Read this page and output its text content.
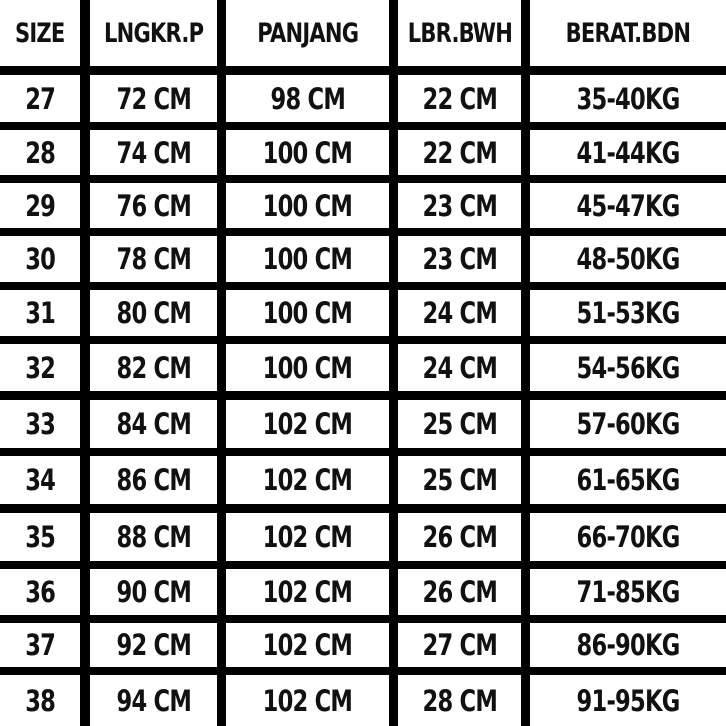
SIZE LNGKR.P PANJANG LBR.BWH BERAT.BDN
27 72 CM	98 CM	22 CM	35-40KG
28 74 CM 100 CM 22 CM	41-44KG
29 76 CM 100 CM 23 CM	45-47KG
30 78 CM 100 CM 23 CM	48-50KG
31 80 CM 100 CM 24 CM	51-53KG
32 82 CM 100 CM 24 CM	54-56KG
33 84 CM 102 CM 25 CM	57-60KG
34 86 CM 102 CM 25 CM	61-65KG
35 88 CM 102 CM 26 CM	66-70KG
36 90 CM 102 CM 26 CM	71-85KG
37 92 CM 102 CM 27 CM	86-90KG
38 94 CM 102 CM 28 CM	91-95KG
